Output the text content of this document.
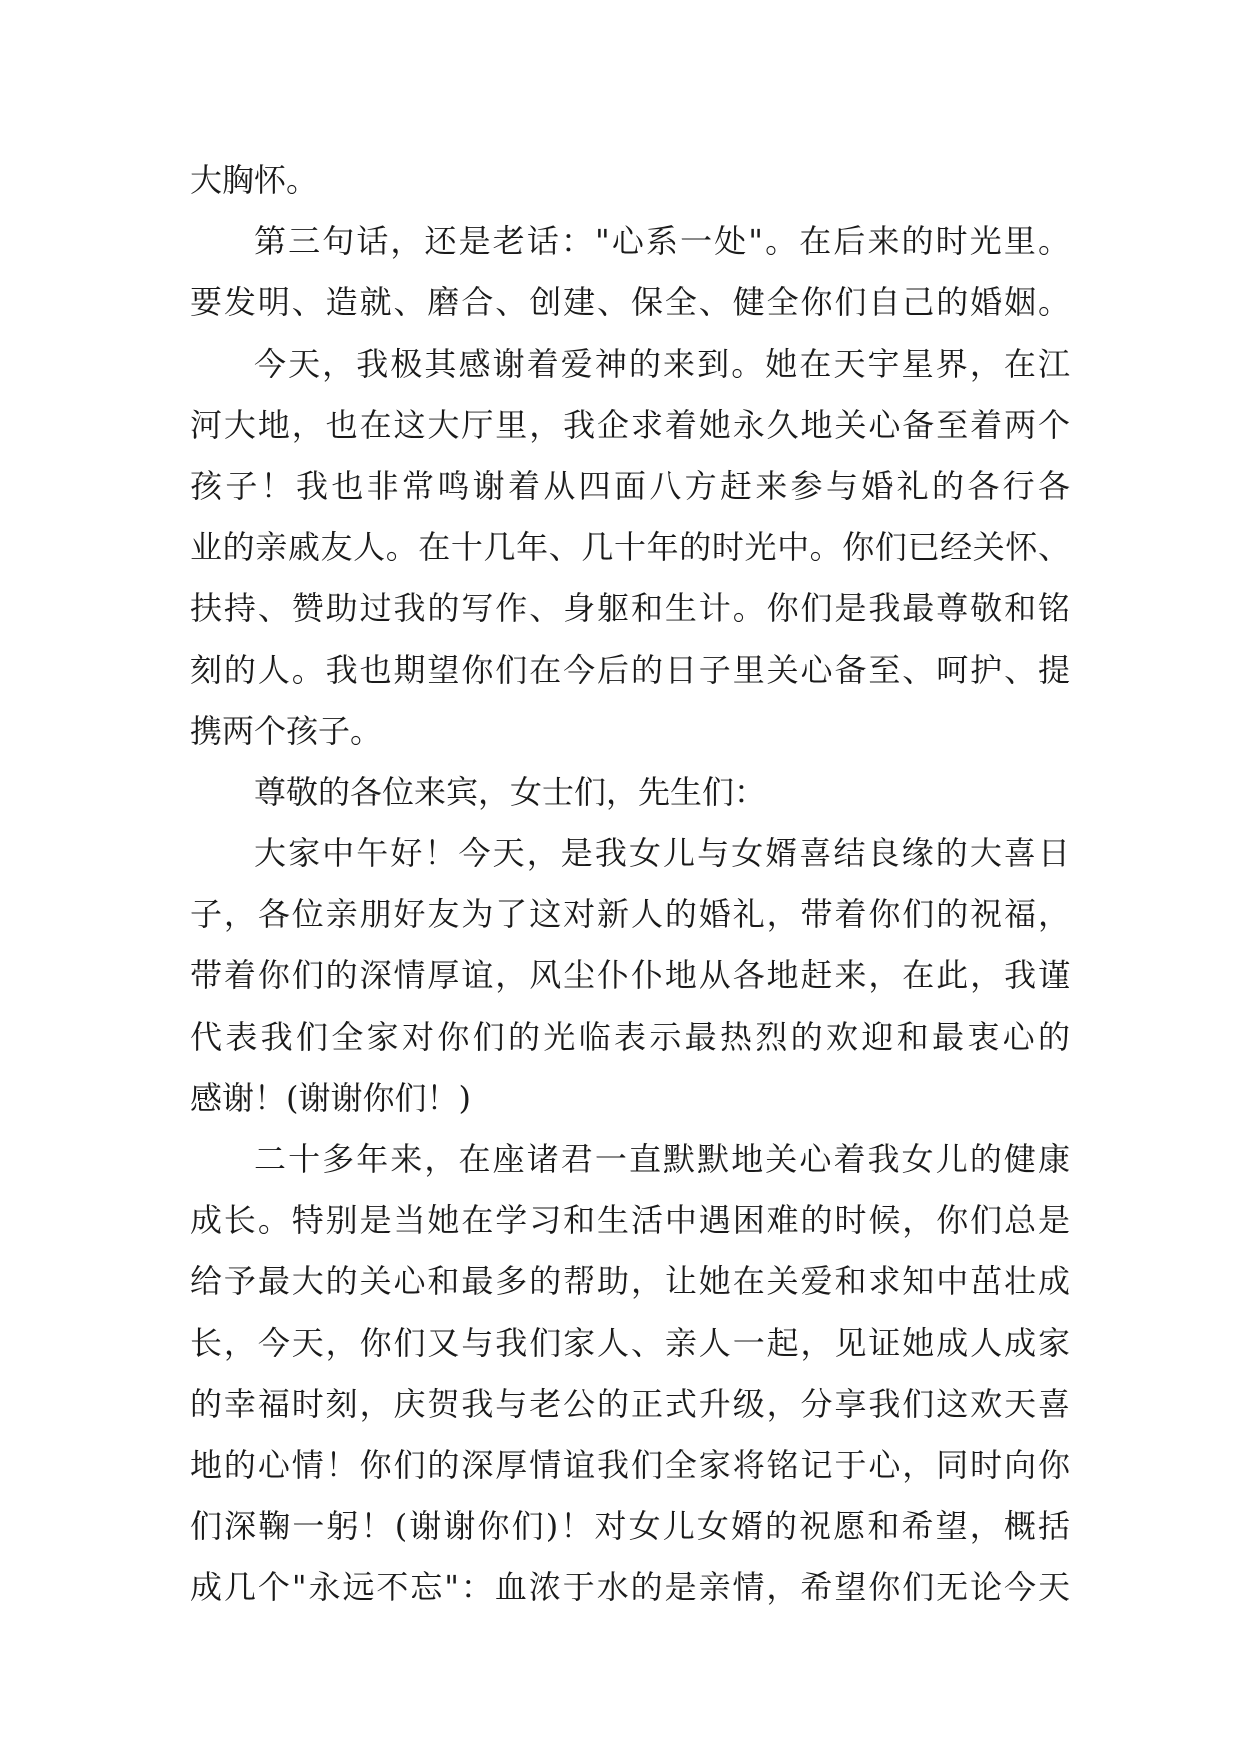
大胸怀。
第三句话，还是老话："心系一处"。在后来的时光里。
要发明、造就、磨合、创建、保全、健全你们自己的婚姻。
今天，我极其感谢着爱神的来到。她在天宇星界，在江
河大地，也在这大厅里，我企求着她永久地关心备至着两个
孩子！我也非常鸣谢着从四面八方赶来参与婚礼的各行各
业的亲戚友人。在十几年、几十年的时光中。你们已经关怀、
扶持、赞助过我的写作、身躯和生计。你们是我最尊敬和铭
刻的人。我也期望你们在今后的日子里关心备至、呵护、提
携两个孩子。
尊敬的各位来宾，女士们，先生们：
大家中午好！今天，是我女儿与女婿喜结良缘的大喜日
子，各位亲朋好友为了这对新人的婚礼，带着你们的祝福，
带着你们的深情厚谊，风尘仆仆地从各地赶来，在此，我谨
代表我们全家对你们的光临表示最热烈的欢迎和最衷心的
感谢！(谢谢你们！)
二十多年来，在座诸君一直默默地关心着我女儿的健康
成长。特别是当她在学习和生活中遇困难的时候，你们总是
给予最大的关心和最多的帮助，让她在关爱和求知中茁壮成
长，今天，你们又与我们家人、亲人一起，见证她成人成家
的幸福时刻，庆贺我与老公的正式升级，分享我们这欢天喜
地的心情！你们的深厚情谊我们全家将铭记于心，同时向你
们深鞠一躬！(谢谢你们)！对女儿女婿的祝愿和希望，概括
成几个"永远不忘"：血浓于水的是亲情，希望你们无论今天
